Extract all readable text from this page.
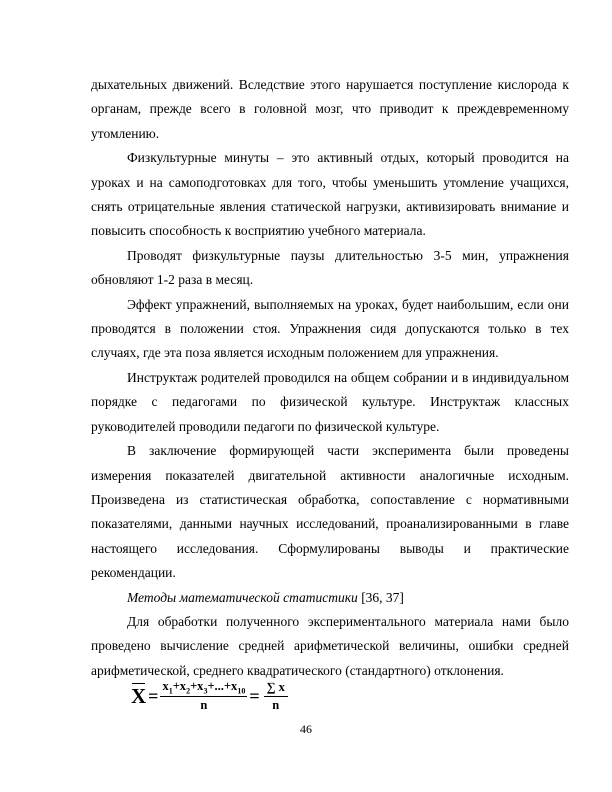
дыхательных движений. Вследствие этого нарушается поступление кислорода к органам, прежде всего в головной мозг, что приводит к преждевременному утомлению.

Физкультурные минуты – это активный отдых, который проводится на уроках и на самоподготовках для того, чтобы уменьшить утомление учащихся, снять отрицательные явления статической нагрузки, активизировать внимание и повысить способность к восприятию учебного материала.

Проводят физкультурные паузы длительностью 3-5 мин, упражнения обновляют 1-2 раза в месяц.

Эффект упражнений, выполняемых на уроках, будет наибольшим, если они проводятся в положении стоя. Упражнения сидя допускаются только в тех случаях, где эта поза является исходным положением для упражнения.

Инструктаж родителей проводился на общем собрании и в индивидуальном порядке с педагогами по физической культуре. Инструктаж классных руководителей проводили педагоги по физической культуре.

В заключение формирующей части эксперимента были проведены измерения показателей двигательной активности аналогичные исходным. Произведена из статистическая обработка, сопоставление с нормативными показателями, данными научных исследований, проанализированными в главе настоящего исследования. Сформулированы выводы и практические рекомендации.

Методы математической статистики [36, 37]

Для обработки полученного экспериментального материала нами было проведено вычисление средней арифметической величины, ошибки средней арифметической, среднего квадратического (стандартного) отклонения.

$X = \frac{x_1+x_2+x_3+...+x_{10}}{n} = \frac{\sum x}{n}$
46
